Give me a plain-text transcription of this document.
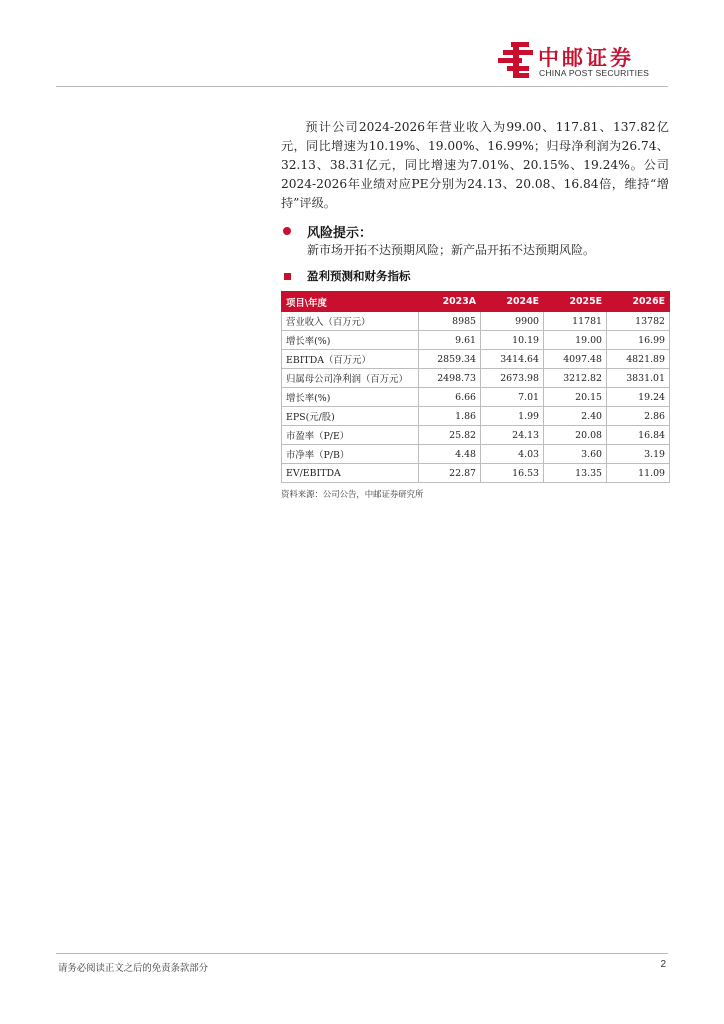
中邮证券
CHINA POST SECURITIES

预计公司2024-2026年营业收入为99.00、117.81、137.82亿元，同比增速为10.19%、19.00%、16.99%；归母净利润为26.74、32.13、38.31亿元，同比增速为7.01%、20.15%、19.24%。公司2024-2026年业绩对应PE分别为24.13、20.08、16.84倍，维持“增持”评级。

风险提示：

新市场开拓不达预期风险；新产品开拓不达预期风险。

盈利预测和财务指标
项目\年度	2023A	2024E	2025E	2026E
营业收入（百万元）	8985	9900	11781	13782
增长率(%)	9.61	10.19	19.00	16.99
EBITDA（百万元）	2859.34	3414.64	4097.48	4821.89
归属母公司净利润（百万元）	2498.73	2673.98	3212.82	3831.01
增长率(%)	6.66	7.01	20.15	19.24
EPS(元/股)	1.86	1.99	2.40	2.86
市盈率（P/E）	25.82	24.13	20.08	16.84
市净率（P/B）	4.48	4.03	3.60	3.19
EV/EBITDA	22.87	16.53	13.35	11.09
资料来源：公司公告，中邮证券研究所
请务必阅读正文之后的免责条款部分	2
